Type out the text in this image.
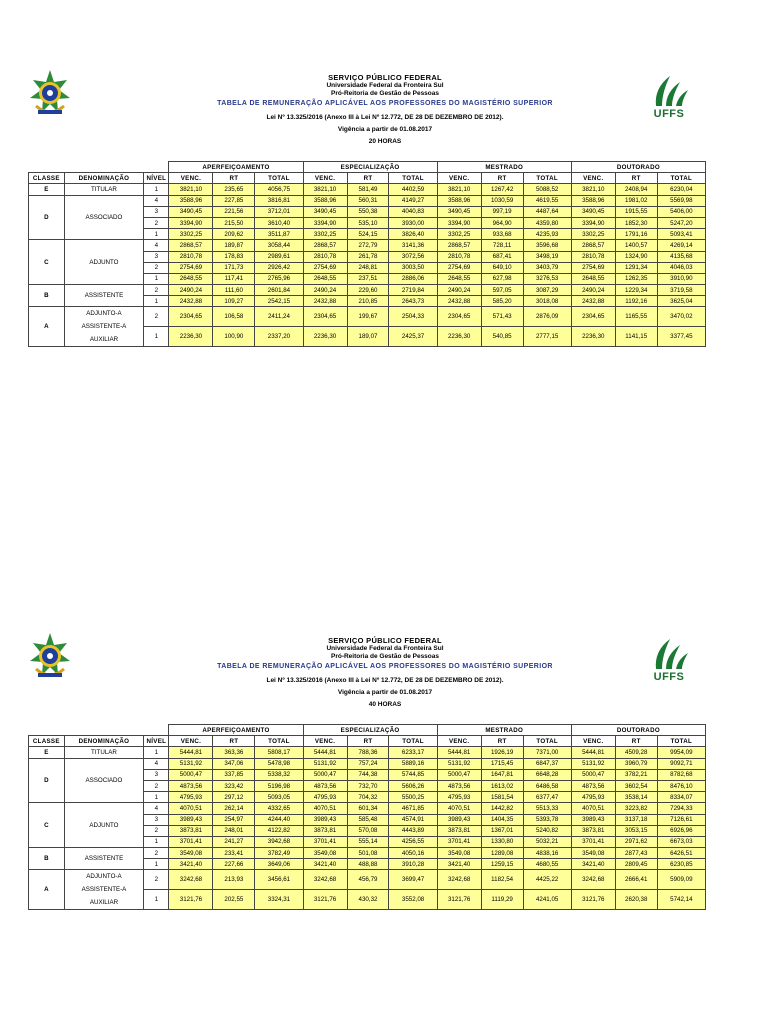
UFFS
SERVIÇO PÚBLICO FEDERAL
Universidade Federal da Fronteira Sul
Pró-Reitoria de Gestão de Pessoas
TABELA DE REMUNERAÇÃO APLICÁVEL AOS PROFESSORES DO MAGISTÉRIO SUPERIOR
Lei Nº 13.325/2016 (Anexo III à Lei Nº 12.772, DE 28 DE DEZEMBRO DE 2012).
Vigência a partir de 01.08.2017
20 HORAS
			APERFEIÇOAMENTO			ESPECIALIZAÇÃO			MESTRADO			DOUTORADO		
CLASSE	DENOMINAÇÃO	NÍVEL	VENC.	RT	TOTAL	VENC.	RT	TOTAL	VENC.	RT	TOTAL	VENC.	RT	TOTAL
E	TITULAR	1	3821,10	235,65	4056,75	3821,10	581,49	4402,59	3821,10	1267,42	5088,52	3821,10	2408,94	6230,04
D	ASSOCIADO	4	3588,96	227,85	3816,81	3588,96	560,31	4149,27	3588,96	1030,59	4619,55	3588,96	1981,02	5569,98
		3	3490,45	221,56	3712,01	3490,45	550,38	4040,83	3490,45	997,19	4487,64	3490,45	1915,55	5406,00
		2	3394,90	215,50	3610,40	3394,90	535,10	3930,00	3394,90	964,90	4359,80	3394,90	1852,30	5247,20
		1	3302,25	209,62	3511,87	3302,25	524,15	3826,40	3302,25	933,68	4235,93	3302,25	1791,16	5093,41
C	ADJUNTO	4	2868,57	189,87	3058,44	2868,57	272,79	3141,36	2868,57	728,11	3596,68	2868,57	1400,57	4269,14
		3	2810,78	178,83	2989,61	2810,78	261,78	3072,56	2810,78	687,41	3498,19	2810,78	1324,90	4135,68
		2	2754,69	171,73	2926,42	2754,69	248,81	3003,50	2754,69	649,10	3403,79	2754,69	1291,34	4046,03
		1	2648,55	117,41	2765,96	2648,55	237,51	2886,06	2648,55	627,98	3276,53	2648,55	1262,35	3910,90
B	ASSISTENTE	2	2490,24	111,60	2601,84	2490,24	229,60	2719,84	2490,24	597,05	3087,29	2490,24	1229,34	3719,58
		1	2432,88	109,27	2542,15	2432,88	210,85	2643,73	2432,88	585,20	3018,08	2432,88	1192,16	3625,04
A	ADJUNTO-A
ASSISTENTE-A
AUXILIAR	2	2304,65	106,58	2411,24	2304,65	199,67	2504,33	2304,65	571,43	2876,09	2304,65	1165,55	3470,02
		1	2236,30	100,90	2337,20	2236,30	189,07	2425,37	2236,30	540,85	2777,15	2236,30	1141,15	3377,45
UFFS
SERVIÇO PÚBLICO FEDERAL
Universidade Federal da Fronteira Sul
Pró-Reitoria de Gestão de Pessoas
TABELA DE REMUNERAÇÃO APLICÁVEL AOS PROFESSORES DO MAGISTÉRIO SUPERIOR
Lei Nº 13.325/2016 (Anexo III à Lei Nº 12.772, DE 28 DE DEZEMBRO DE 2012).
Vigência a partir de 01.08.2017
40 HORAS
			APERFEIÇOAMENTO			ESPECIALIZAÇÃO			MESTRADO			DOUTORADO		
CLASSE	DENOMINAÇÃO	NÍVEL	VENC.	RT	TOTAL	VENC.	RT	TOTAL	VENC.	RT	TOTAL	VENC.	RT	TOTAL
E	TITULAR	1	5444,81	363,36	5808,17	5444,81	788,36	6233,17	5444,81	1926,19	7371,00	5444,81	4509,28	9954,09
D	ASSOCIADO	4	5131,92	347,06	5478,98	5131,92	757,24	5889,16	5131,92	1715,45	6847,37	5131,92	3960,79	9092,71
		3	5000,47	337,85	5338,32	5000,47	744,38	5744,85	5000,47	1647,81	6648,28	5000,47	3782,21	8782,68
		2	4873,56	323,42	5196,98	4873,56	732,70	5606,26	4873,56	1613,02	6486,58	4873,56	3602,54	8476,10
		1	4795,93	297,12	5093,05	4795,93	704,32	5500,25	4795,93	1581,54	6377,47	4795,93	3538,14	8334,07
C	ADJUNTO	4	4070,51	262,14	4332,65	4070,51	601,34	4671,85	4070,51	1442,82	5513,33	4070,51	3223,82	7294,33
		3	3989,43	254,97	4244,40	3989,43	585,48	4574,91	3989,43	1404,35	5393,78	3989,43	3137,18	7126,61
		2	3873,81	248,01	4122,82	3873,81	570,08	4443,89	3873,81	1367,01	5240,82	3873,81	3053,15	6926,96
		1	3701,41	241,27	3942,68	3701,41	555,14	4256,55	3701,41	1330,80	5032,21	3701,41	2971,62	6673,03
B	ASSISTENTE	2	3549,08	233,41	3782,49	3549,08	501,08	4050,16	3549,08	1289,08	4838,16	3549,08	2877,43	6426,51
		1	3421,40	227,66	3649,06	3421,40	488,88	3910,28	3421,40	1259,15	4680,55	3421,40	2809,45	6230,85
A	ADJUNTO-A
ASSISTENTE-A
AUXILIAR	2	3242,68	213,93	3456,61	3242,68	456,79	3699,47	3242,68	1182,54	4425,22	3242,68	2666,41	5909,09
		1	3121,76	202,55	3324,31	3121,76	430,32	3552,08	3121,76	1119,29	4241,05	3121,76	2620,38	5742,14
